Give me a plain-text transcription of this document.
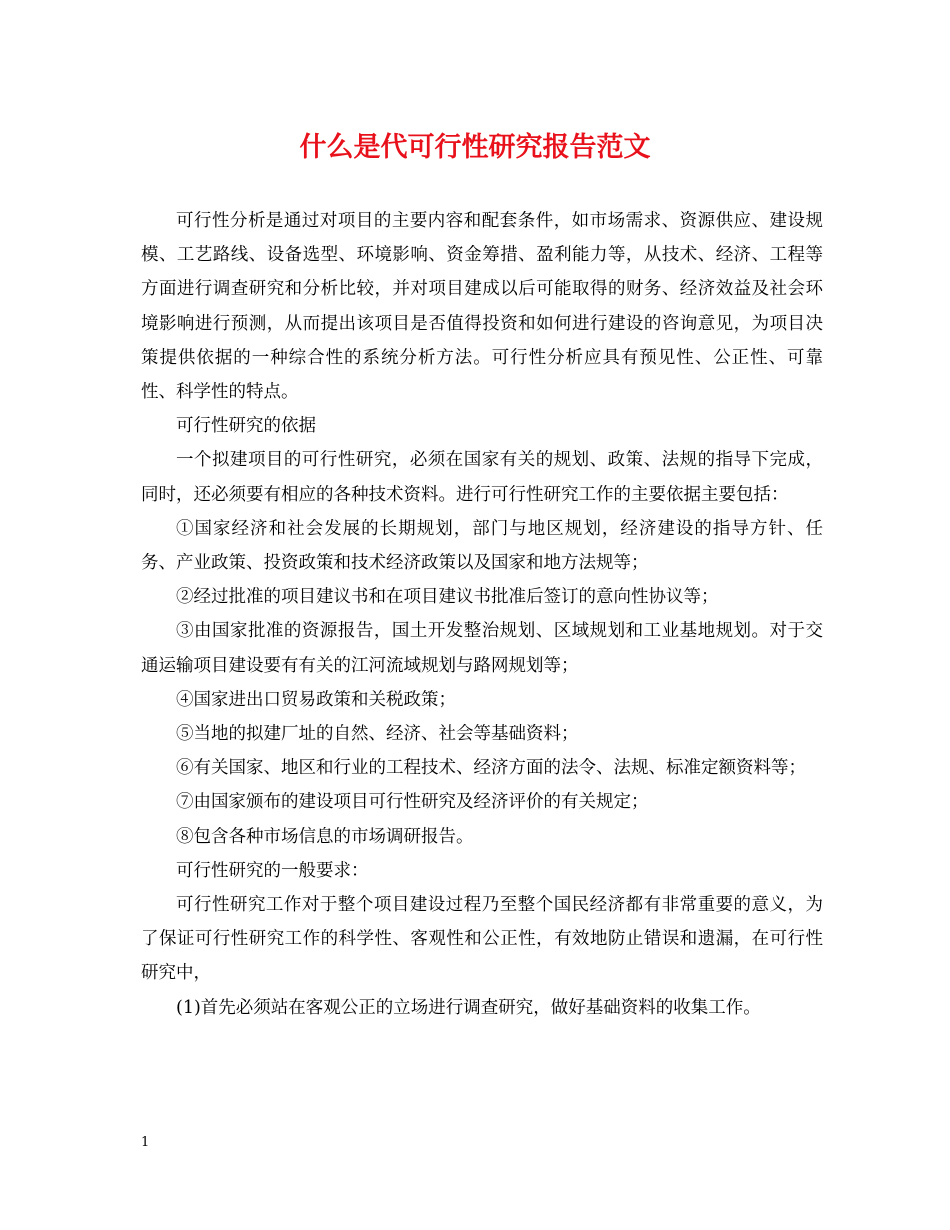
什么是代可行性研究报告范文

可行性分析是通过对项目的主要内容和配套条件，如市场需求、资源供应、建设规模、工艺路线、设备选型、环境影响、资金筹措、盈利能力等，从技术、经济、工程等方面进行调查研究和分析比较，并对项目建成以后可能取得的财务、经济效益及社会环境影响进行预测，从而提出该项目是否值得投资和如何进行建设的咨询意见，为项目决策提供依据的一种综合性的系统分析方法。可行性分析应具有预见性、公正性、可靠性、科学性的特点。

可行性研究的依据

一个拟建项目的可行性研究，必须在国家有关的规划、政策、法规的指导下完成，同时，还必须要有相应的各种技术资料。进行可行性研究工作的主要依据主要包括：

①国家经济和社会发展的长期规划，部门与地区规划，经济建设的指导方针、任务、产业政策、投资政策和技术经济政策以及国家和地方法规等；

②经过批准的项目建议书和在项目建议书批准后签订的意向性协议等；

③由国家批准的资源报告，国土开发整治规划、区域规划和工业基地规划。对于交通运输项目建设要有有关的江河流域规划与路网规划等；

④国家进出口贸易政策和关税政策；

⑤当地的拟建厂址的自然、经济、社会等基础资料；

⑥有关国家、地区和行业的工程技术、经济方面的法令、法规、标准定额资料等；

⑦由国家颁布的建设项目可行性研究及经济评价的有关规定；

⑧包含各种市场信息的市场调研报告。

可行性研究的一般要求：

可行性研究工作对于整个项目建设过程乃至整个国民经济都有非常重要的意义，为了保证可行性研究工作的科学性、客观性和公正性，有效地防止错误和遗漏，在可行性研究中，

(1)首先必须站在客观公正的立场进行调查研究，做好基础资料的收集工作。

1
